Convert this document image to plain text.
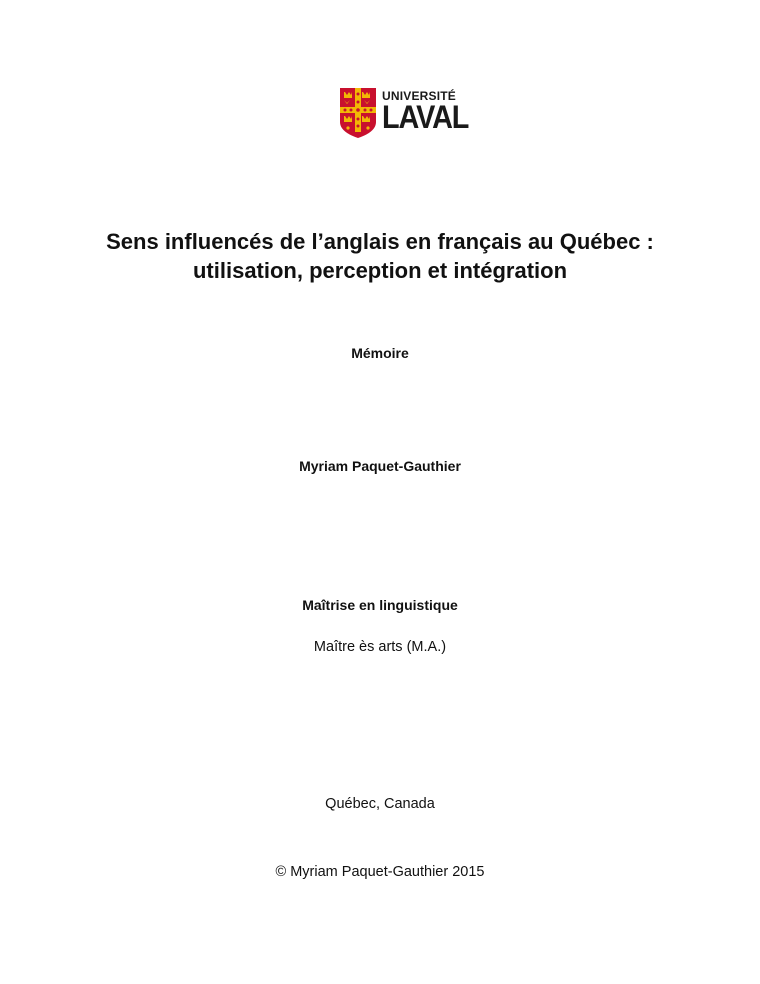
UNIVERSITÉ
LAVAL
Sens influencés de l’anglais en français au Québec :
utilisation, perception et intégration
Mémoire
Myriam Paquet-Gauthier
Maîtrise en linguistique
Maître ès arts (M.A.)
Québec, Canada
© Myriam Paquet-Gauthier 2015
